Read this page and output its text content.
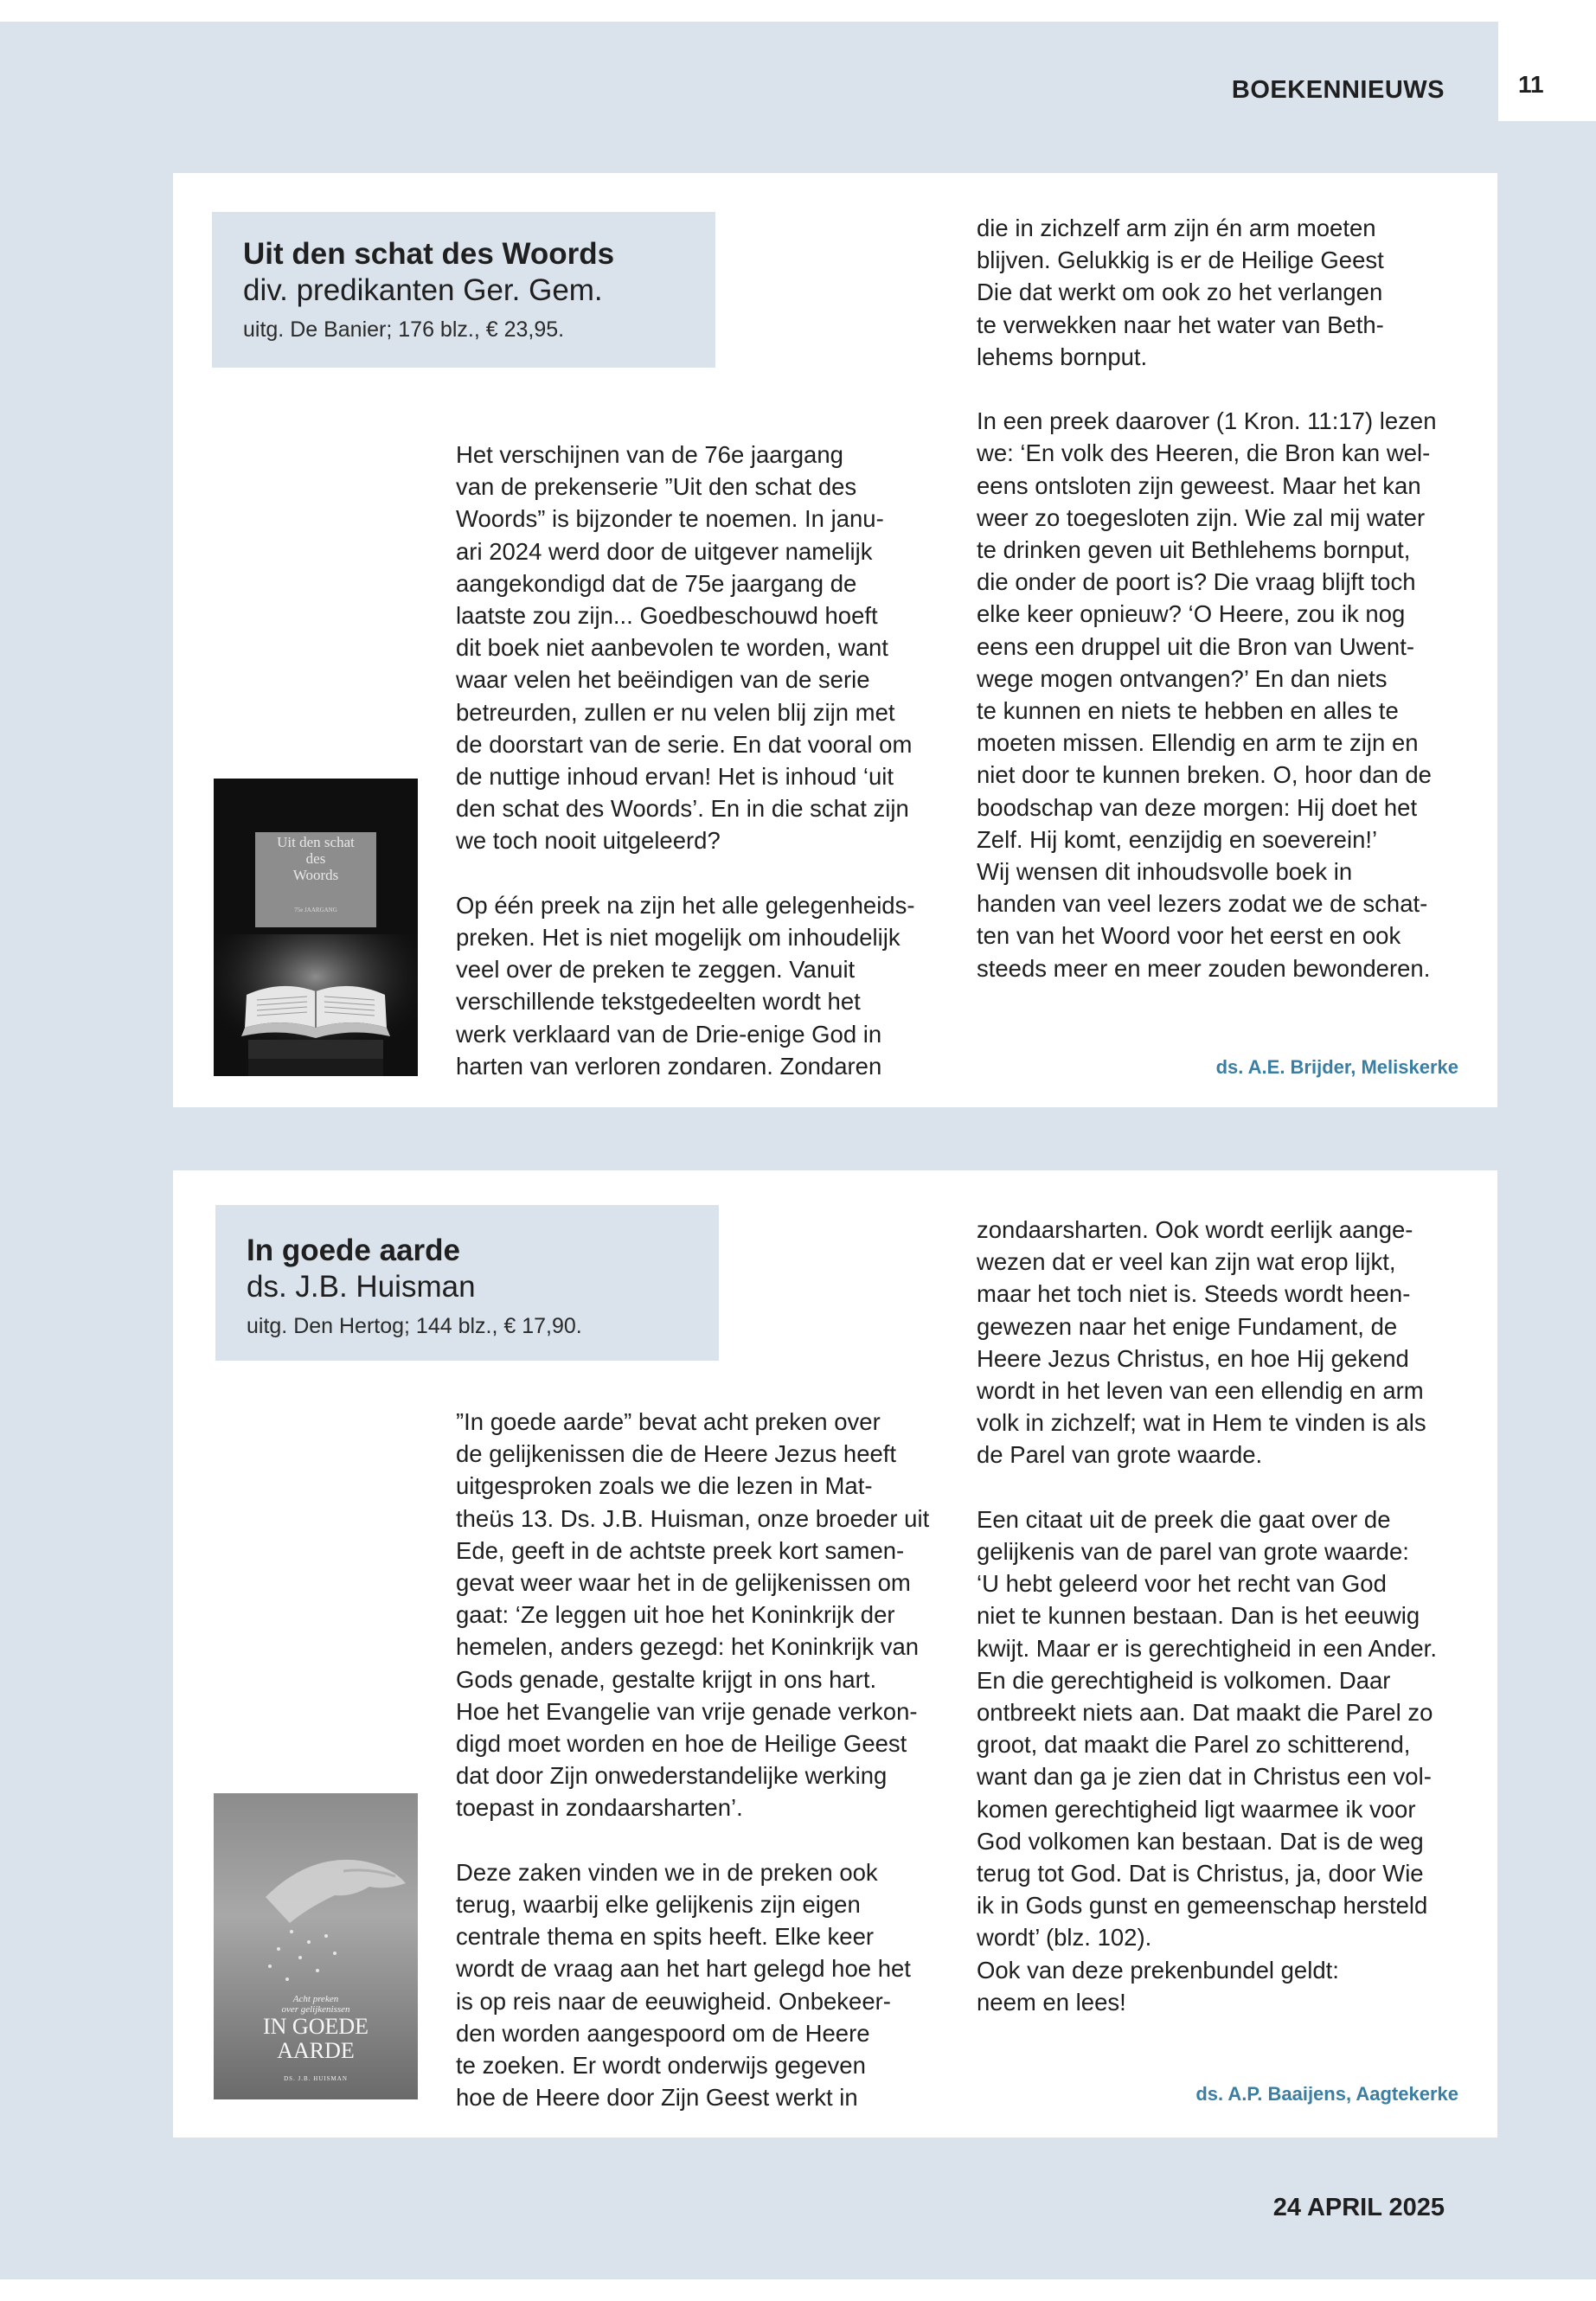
11
BOEKENNIEUWS
Uit den schat des Woords
div. predikanten Ger. Gem.
uitg. De Banier; 176 blz., € 23,95.
Uit den schat
des
Woords
75e JAARGANG

Het verschijnen van de 76e jaargang
van de prekenserie ”Uit den schat des
Woords” is bijzonder te noemen. In janu-
ari 2024 werd door de uitgever namelijk
aangekondigd dat de 75e jaargang de
laatste zou zijn... Goedbeschouwd hoeft
dit boek niet aanbevolen te worden, want
waar velen het beëindigen van de serie
betreurden, zullen er nu velen blij zijn met
de doorstart van de serie. En dat vooral om
de nuttige inhoud ervan! Het is inhoud ‘uit
den schat des Woords’. En in die schat zijn
we toch nooit uitgeleerd?

Op één preek na zijn het alle gelegenheids-
preken. Het is niet mogelijk om inhoudelijk
veel over de preken te zeggen. Vanuit
verschillende tekstgedeelten wordt het
werk verklaard van de Drie-enige God in
harten van verloren zondaren. Zondaren

die in zichzelf arm zijn én arm moeten
blijven. Gelukkig is er de Heilige Geest
Die dat werkt om ook zo het verlangen
te verwekken naar het water van Beth-
lehems bornput.

In een preek daarover (1 Kron. 11:17) lezen
we: ‘En volk des Heeren, die Bron kan wel-
eens ontsloten zijn geweest. Maar het kan
weer zo toegesloten zijn. Wie zal mij water
te drinken geven uit Bethlehems bornput,
die onder de poort is? Die vraag blijft toch
elke keer opnieuw? ‘O Heere, zou ik nog
eens een druppel uit die Bron van Uwent-
wege mogen ontvangen?’ En dan niets
te kunnen en niets te hebben en alles te
moeten missen. Ellendig en arm te zijn en
niet door te kunnen breken. O, hoor dan de
boodschap van deze morgen: Hij doet het
Zelf. Hij komt, eenzijdig en soeverein!’
Wij wensen dit inhoudsvolle boek in
handen van veel lezers zodat we de schat-
ten van het Woord voor het eerst en ook
steeds meer en meer zouden bewonderen.

ds. A.E. Brijder, Meliskerke
In goede aarde
ds. J.B. Huisman
uitg. Den Hertog; 144 blz., € 17,90.
Acht preken
over gelijkenissen
IN GOEDE
AARDE
DS. J.B. HUISMAN

”In goede aarde” bevat acht preken over
de gelijkenissen die de Heere Jezus heeft
uitgesproken zoals we die lezen in Mat-
theüs 13. Ds. J.B. Huisman, onze broeder uit
Ede, geeft in de achtste preek kort samen-
gevat weer waar het in de gelijkenissen om
gaat: ‘Ze leggen uit hoe het Koninkrijk der
hemelen, anders gezegd: het Koninkrijk van
Gods genade, gestalte krijgt in ons hart.
Hoe het Evangelie van vrije genade verkon-
digd moet worden en hoe de Heilige Geest
dat door Zijn onwederstandelijke werking
toepast in zondaarsharten’.

Deze zaken vinden we in de preken ook
terug, waarbij elke gelijkenis zijn eigen
centrale thema en spits heeft. Elke keer
wordt de vraag aan het hart gelegd hoe het
is op reis naar de eeuwigheid. Onbekeer-
den worden aangespoord om de Heere
te zoeken. Er wordt onderwijs gegeven
hoe de Heere door Zijn Geest werkt in

zondaarsharten. Ook wordt eerlijk aange-
wezen dat er veel kan zijn wat erop lijkt,
maar het toch niet is. Steeds wordt heen-
gewezen naar het enige Fundament, de
Heere Jezus Christus, en hoe Hij gekend
wordt in het leven van een ellendig en arm
volk in zichzelf; wat in Hem te vinden is als
de Parel van grote waarde.

Een citaat uit de preek die gaat over de
gelijkenis van de parel van grote waarde:
‘U hebt geleerd voor het recht van God
niet te kunnen bestaan. Dan is het eeuwig
kwijt. Maar er is gerechtigheid in een Ander.
En die gerechtigheid is volkomen. Daar
ontbreekt niets aan. Dat maakt die Parel zo
groot, dat maakt die Parel zo schitterend,
want dan ga je zien dat in Christus een vol-
komen gerechtigheid ligt waarmee ik voor
God volkomen kan bestaan. Dat is de weg
terug tot God. Dat is Christus, ja, door Wie
ik in Gods gunst en gemeenschap hersteld
wordt’ (blz. 102).
Ook van deze prekenbundel geldt:
neem en lees!

ds. A.P. Baaijens, Aagtekerke
24 APRIL 2025
